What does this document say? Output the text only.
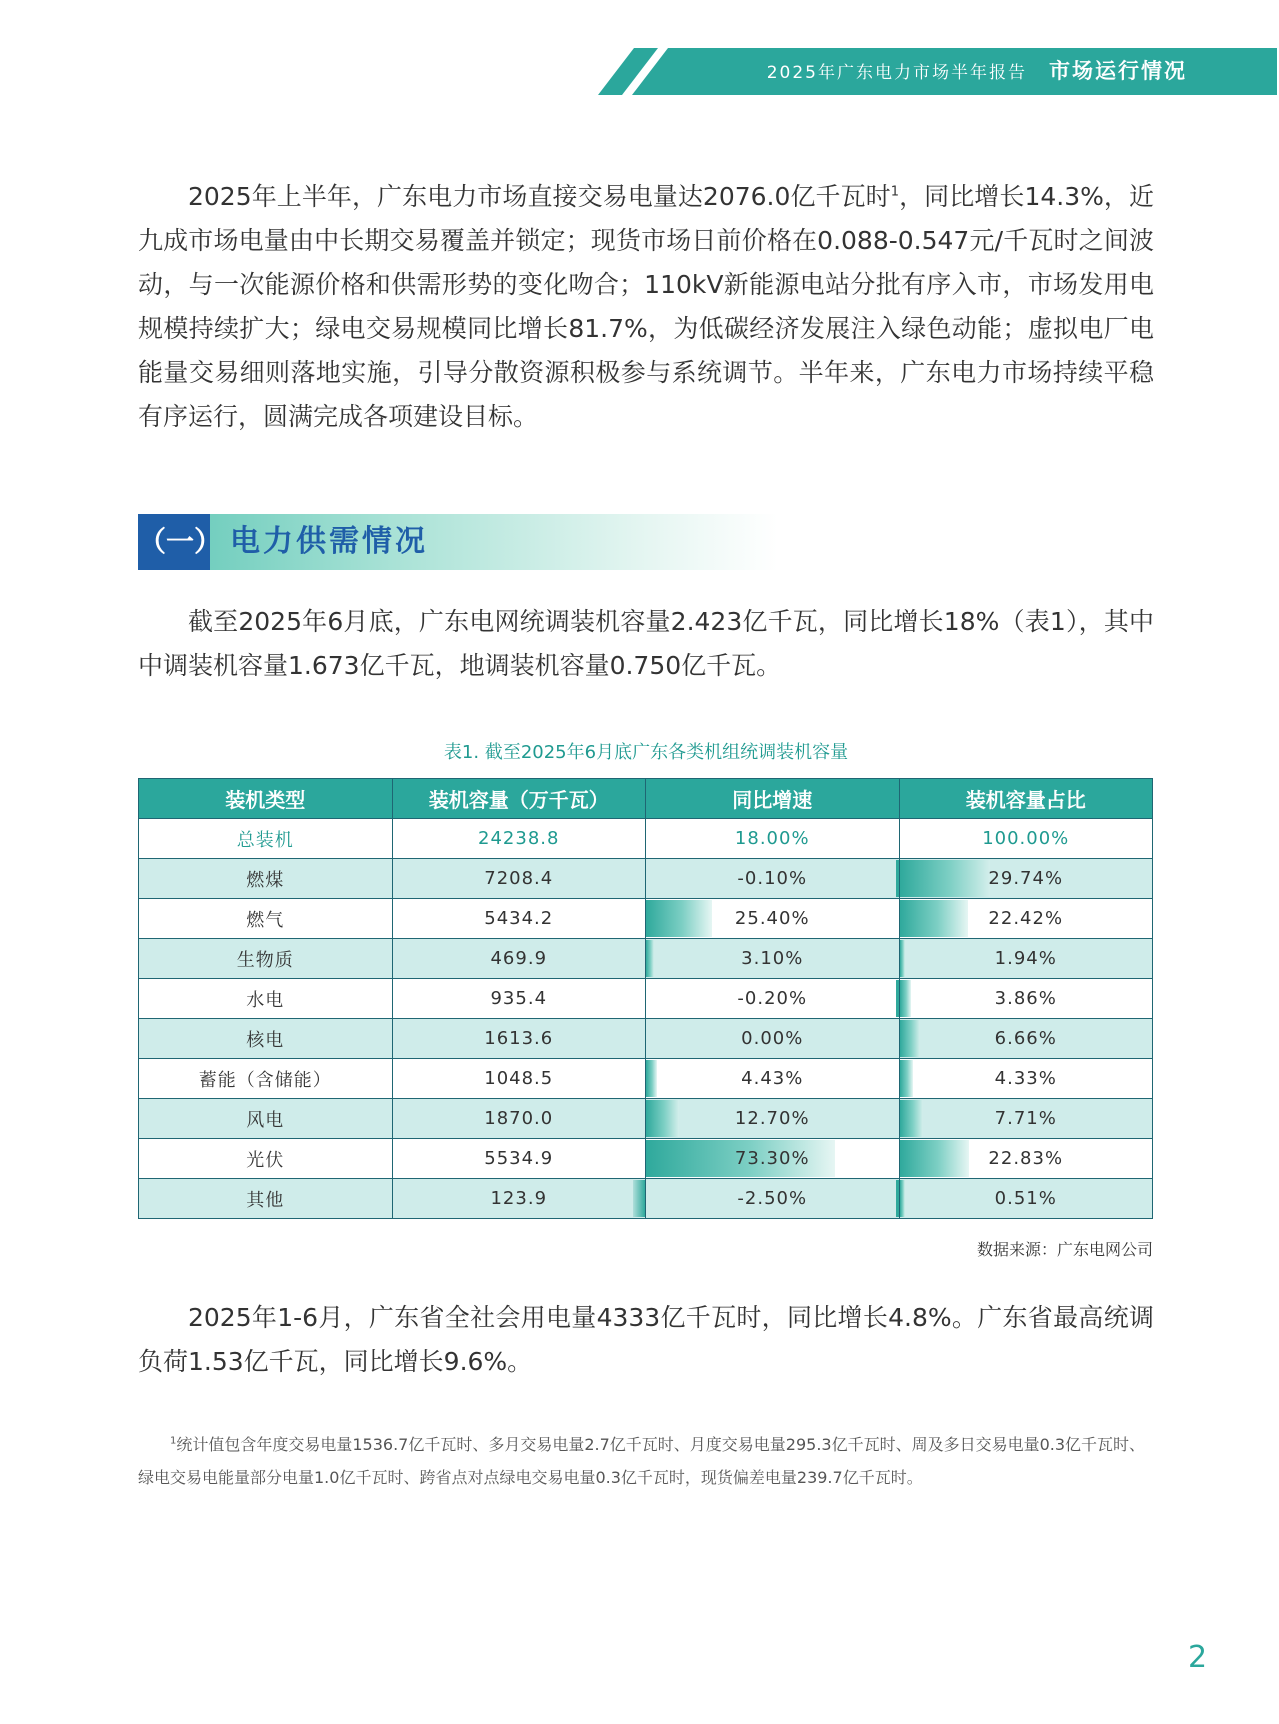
2025年广东电力市场半年报告 市场运行情况

2025年上半年，广东电力市场直接交易电量达2076.0亿千瓦时$^1$，同比增长14.3%，近九成市场电量由中长期交易覆盖并锁定；现货市场日前价格在0.088-0.547元/千瓦时之间波动，与一次能源价格和供需形势的变化吻合；110kV新能源电站分批有序入市，市场发用电规模持续扩大；绿电交易规模同比增长81.7%，为低碳经济发展注入绿色动能；虚拟电厂电能量交易细则落地实施，引导分散资源积极参与系统调节。半年来，广东电力市场持续平稳有序运行，圆满完成各项建设目标。

（一） 电力供需情况

截至2025年6月底，广东电网统调装机容量2.423亿千瓦，同比增长18%（表1），其中中调装机容量1.673亿千瓦，地调装机容量0.750亿千瓦。

表1. 截至2025年6月底广东各类机组统调装机容量
装机类型	装机容量（万千瓦）	同比增速	装机容量占比
总装机	24238.8	18.00%	100.00%
燃煤	7208.4	-0.10%	29.74%
燃气	5434.2	25.40%	22.42%
生物质	469.9	3.10%	1.94%
水电	935.4	-0.20%	3.86%
核电	1613.6	0.00%	6.66%
蓄能（含储能）	1048.5	4.43%	4.33%
风电	1870.0	12.70%	7.71%
光伏	5534.9	73.30%	22.83%
其他	123.9	-2.50%	0.51%
数据来源：广东电网公司

2025年1-6月，广东省全社会用电量4333亿千瓦时，同比增长4.8%。广东省最高统调负荷1.53亿千瓦，同比增长9.6%。

$^1$统计值包含年度交易电量1536.7亿千瓦时、多月交易电量2.7亿千瓦时、月度交易电量295.3亿千瓦时、周及多日交易电量0.3亿千瓦时、绿电交易电能量部分电量1.0亿千瓦时、跨省点对点绿电交易电量0.3亿千瓦时，现货偏差电量239.7亿千瓦时。

2
